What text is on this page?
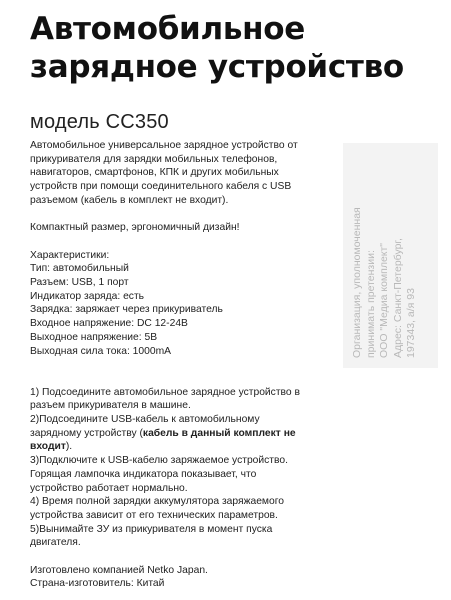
Автомобильное
зарядное устройство
модель СС350

Автомобильное универсальное зарядное устройство от

прикуривателя для зарядки мобильных телефонов,

навигаторов, смартфонов, КПК и других мобильных

устройств при помощи соединительного кабеля с USB

разъемом (кабель в комплект не входит).

Компактный размер, эргономичный дизайн!

Характеристики:

Тип: автомобильный

Разъем: USB, 1 порт

Индикатор заряда: есть

Зарядка: заряжает через прикуриватель

Входное напряжение: DC 12-24В

Выходное напряжение: 5В

Выходная сила тока: 1000mA

1) Подсоедините автомобильное зарядное устройство в

разъем прикуривателя в машине.

2)Подсоедините USB-кабель к автомобильному

зарядному устройству (кабель в данный комплект не

входит).

3)Подключите к USB-кабелю заряжаемое устройство.

Горящая лампочка индикатора показывает, что

устройство работает нормально.

4) Время полной зарядки аккумулятора заряжаемого

устройства зависит от его технических параметров.

5)Вынимайте ЗУ из прикуривателя в момент пуска

двигателя.

Изготовлено компанией Netko Japan.

Страна-изготовитель: Китай

Организация, уполномоченная принимать претензии: ООО "Медиа комплект" Адрес: Санкт-Петербург, 197343, а/я 93
